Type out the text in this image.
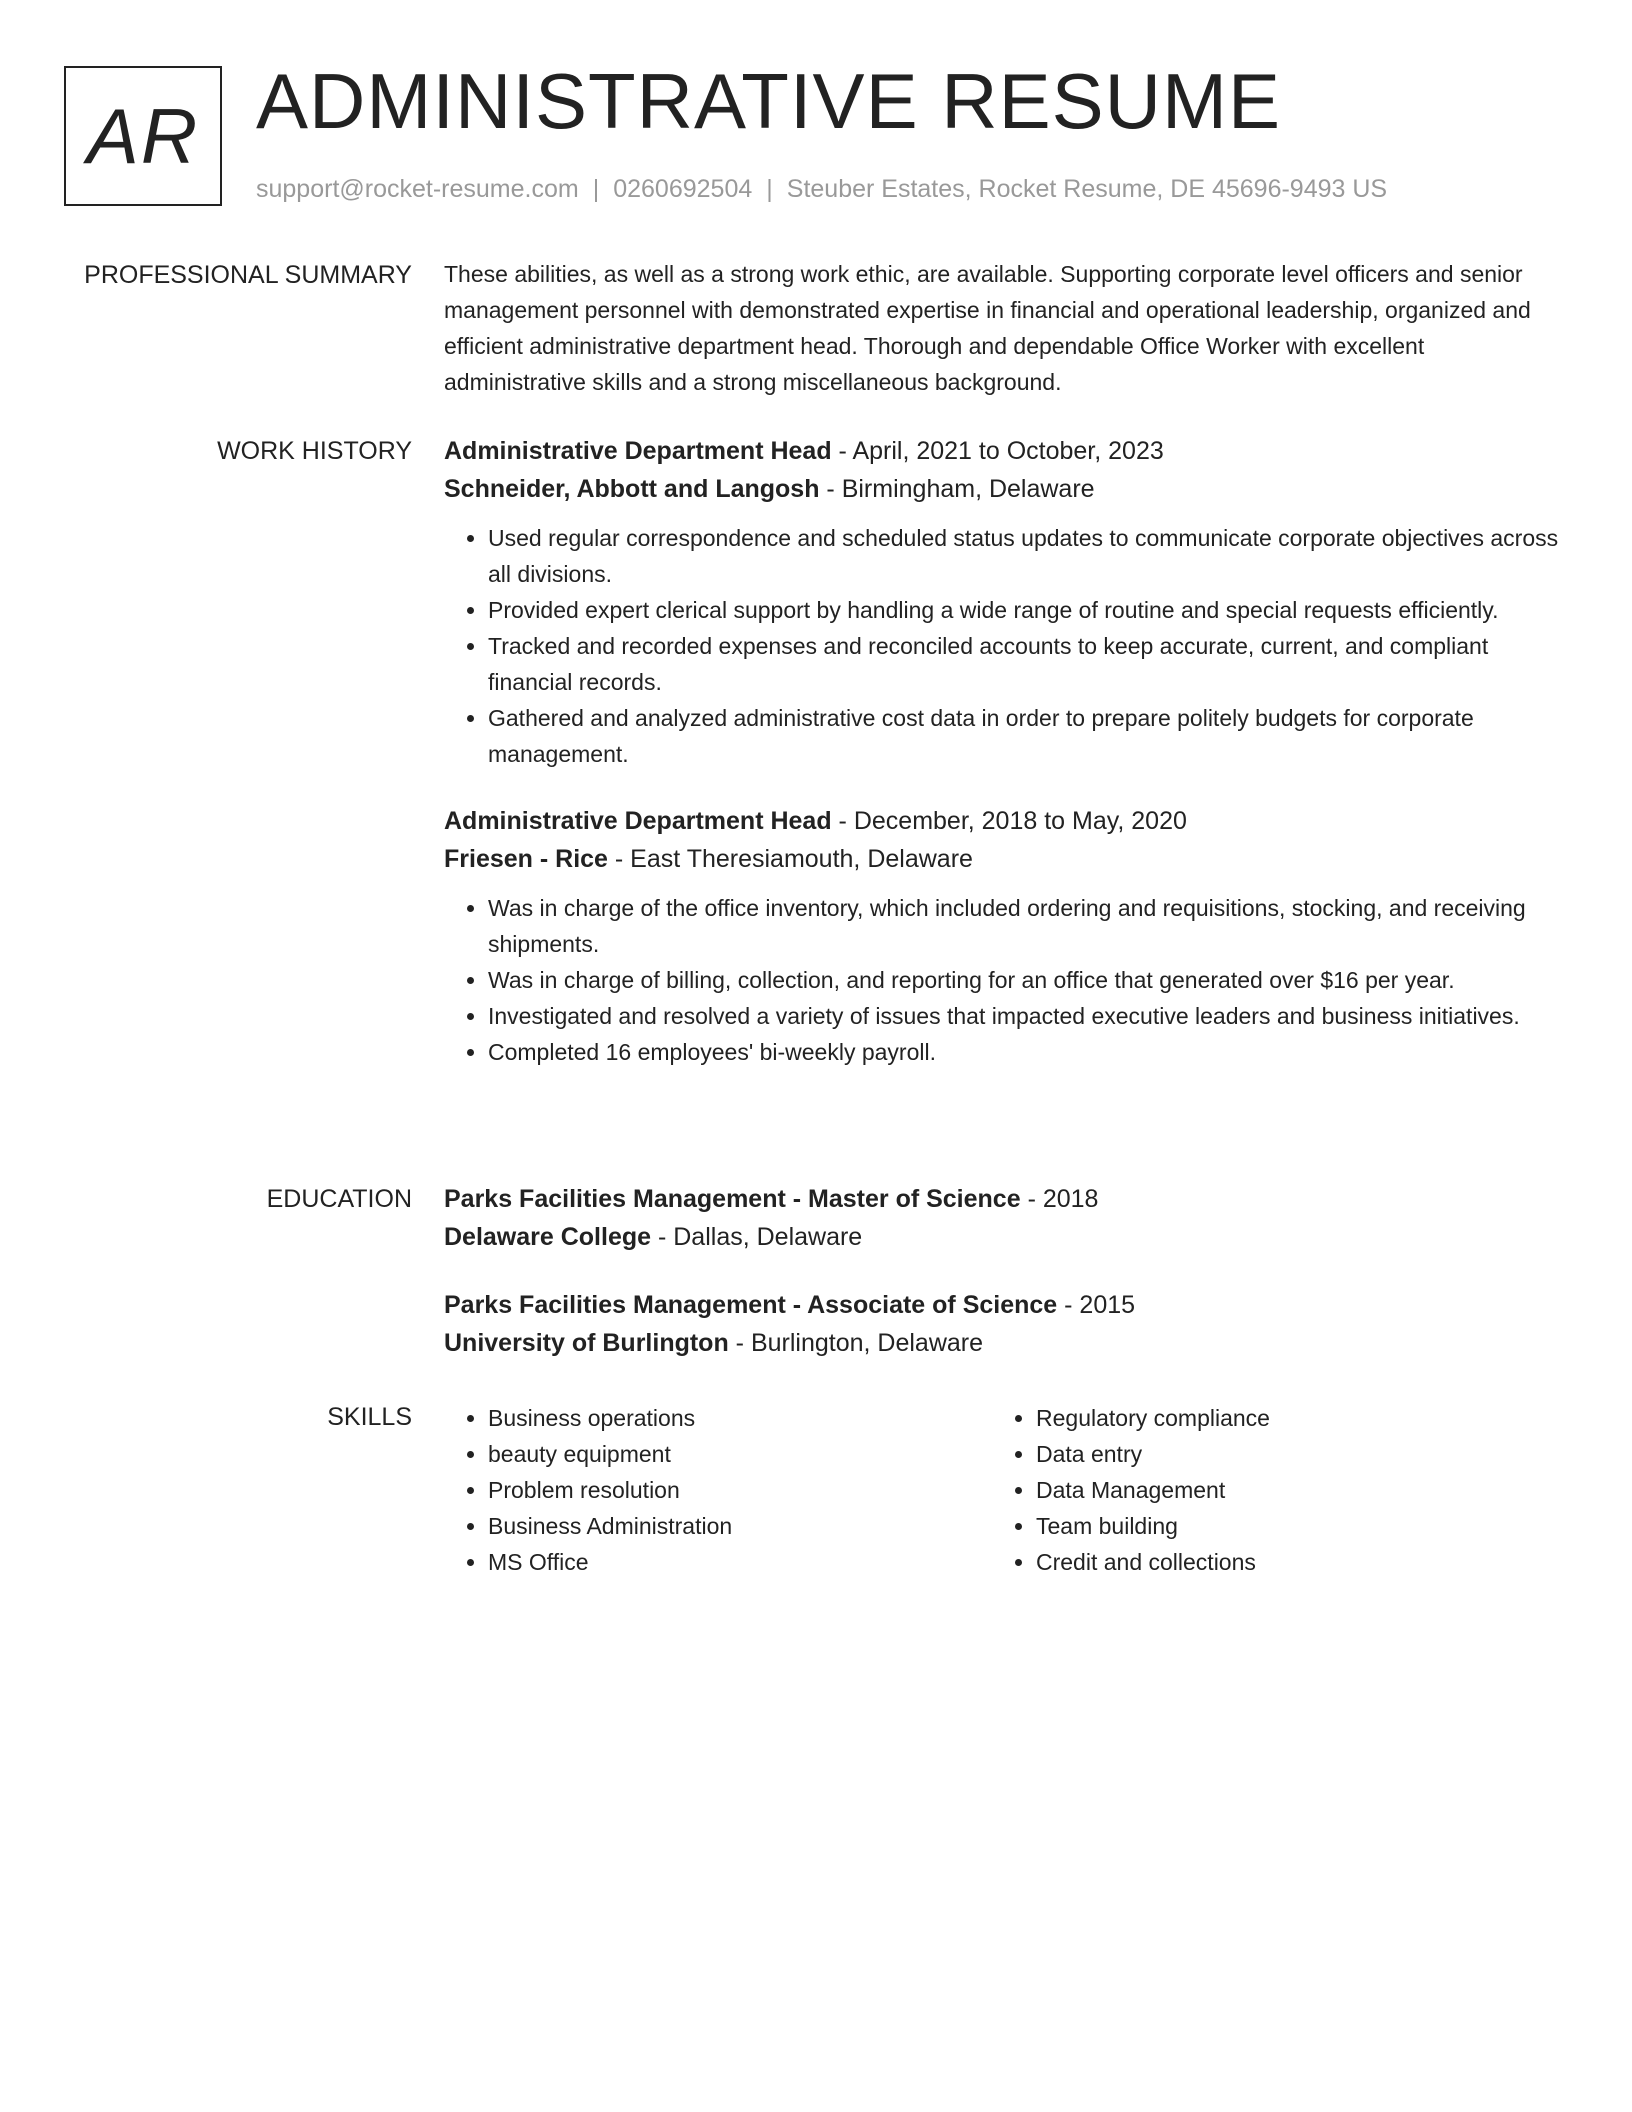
AR ADMINISTRATIVE RESUME
support@rocket-resume.com | 0260692504 | Steuber Estates, Rocket Resume, DE 45696-9493 US
PROFESSIONAL SUMMARY These abilities, as well as a strong work ethic, are available. Supporting corporate level officers and senior management personnel with demonstrated expertise in financial and operational leadership, organized and efficient administrative department head. Thorough and dependable Office Worker with excellent administrative skills and a strong miscellaneous background.

WORK HISTORY Administrative Department Head - April, 2021 to October, 2023
Schneider, Abbott and Langosh - Birmingham, Delaware
• Used regular correspondence and scheduled status updates to communicate corporate objectives across all divisions.
• Provided expert clerical support by handling a wide range of routine and special requests efficiently.
• Tracked and recorded expenses and reconciled accounts to keep accurate, current, and compliant financial records.
• Gathered and analyzed administrative cost data in order to prepare politely budgets for corporate management.
Administrative Department Head - December, 2018 to May, 2020
Friesen - Rice - East Theresiamouth, Delaware
• Was in charge of the office inventory, which included ordering and requisitions, stocking, and receiving shipments.
• Was in charge of billing, collection, and reporting for an office that generated over $16 per year.
• Investigated and resolved a variety of issues that impacted executive leaders and business initiatives.
• Completed 16 employees' bi-weekly payroll.
EDUCATION Parks Facilities Management - Master of Science - 2018
Delaware College - Dallas, Delaware
Parks Facilities Management - Associate of Science - 2015
University of Burlington - Burlington, Delaware
SKILLS
•	Business operations
• beauty equipment
• Problem resolution
• Business Administration
• MS Office
• Regulatory compliance
• Data entry
• Data Management
• Team building
• Credit and collections
